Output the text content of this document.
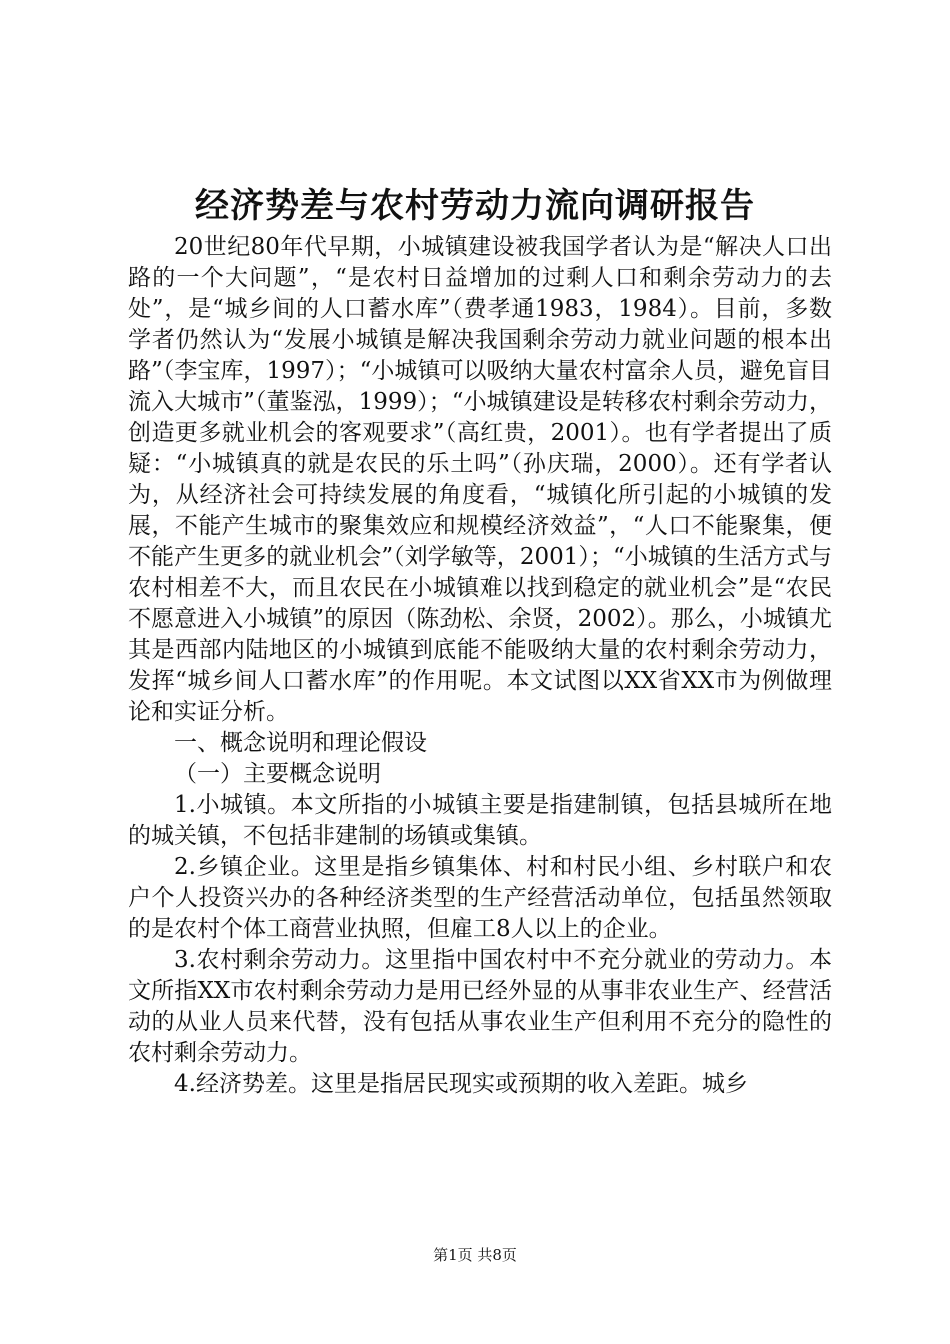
经济势差与农村劳动力流向调研报告

20世纪80年代早期，小城镇建设被我国学者认为是“解决人口出路的一个大问题”，“是农村日益增加的过剩人口和剩余劳动力的去处”，是“城乡间的人口蓄水库”（费孝通1983，1984）。目前，多数学者仍然认为“发展小城镇是解决我国剩余劳动力就业问题的根本出路”（李宝库，1997）；“小城镇可以吸纳大量农村富余人员，避免盲目流入大城市”（董鉴泓，1999）；“小城镇建设是转移农村剩余劳动力，创造更多就业机会的客观要求”（高红贵，2001）。也有学者提出了质疑：“小城镇真的就是农民的乐土吗”（孙庆瑞，2000）。还有学者认为，从经济社会可持续发展的角度看，“城镇化所引起的小城镇的发展，不能产生城市的聚集效应和规模经济效益”，“人口不能聚集，便不能产生更多的就业机会”（刘学敏等，2001）；“小城镇的生活方式与农村相差不大，而且农民在小城镇难以找到稳定的就业机会”是“农民不愿意进入小城镇”的原因（陈劲松、余贤，2002）。那么，小城镇尤其是西部内陆地区的小城镇到底能不能吸纳大量的农村剩余劳动力，发挥“城乡间人口蓄水库”的作用呢。本文试图以XX省XX市为例做理论和实证分析。

一、概念说明和理论假设

（一）主要概念说明

1.小城镇。本文所指的小城镇主要是指建制镇，包括县城所在地的城关镇，不包括非建制的场镇或集镇。

2.乡镇企业。这里是指乡镇集体、村和村民小组、乡村联户和农户个人投资兴办的各种经济类型的生产经营活动单位，包括虽然领取的是农村个体工商营业执照，但雇工8人以上的企业。

3.农村剩余劳动力。这里指中国农村中不充分就业的劳动力。本文所指XX市农村剩余劳动力是用已经外显的从事非农业生产、经营活动的从业人员来代替，没有包括从事农业生产但利用不充分的隐性的农村剩余劳动力。

4.经济势差。这里是指居民现实或预期的收入差距。城乡

第1页 共8页
